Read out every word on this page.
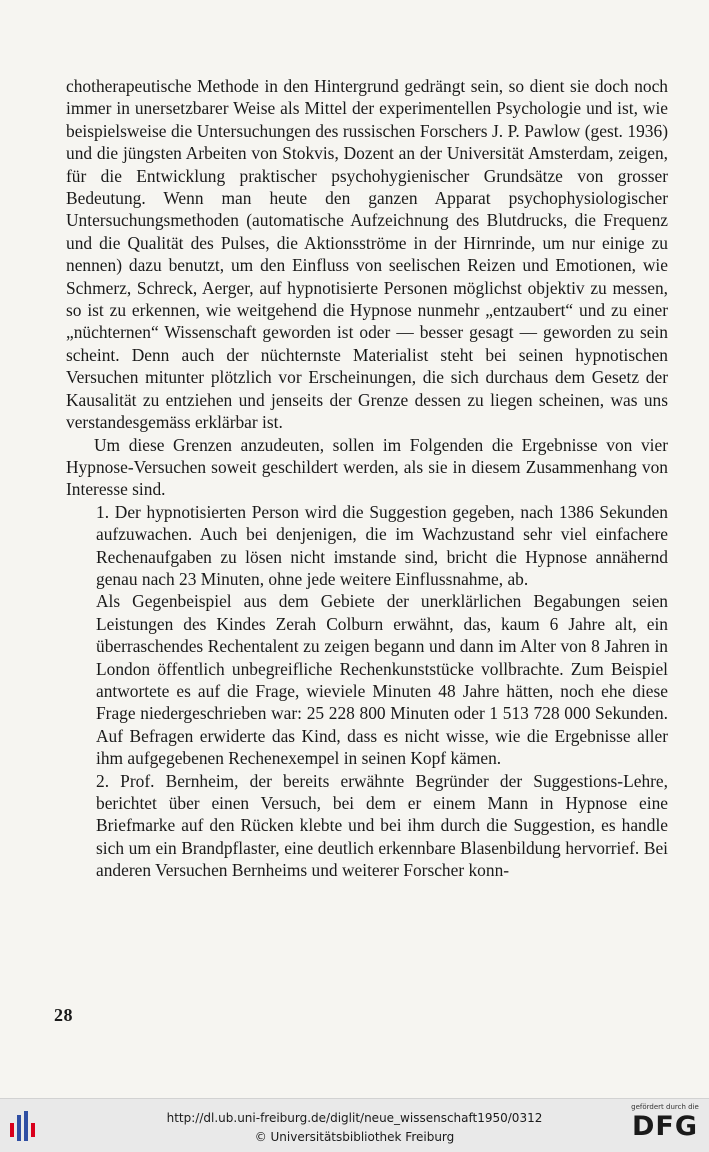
chotherapeutische Methode in den Hintergrund gedrängt sein, so dient sie doch noch immer in unersetzbarer Weise als Mittel der experimentellen Psychologie und ist, wie beispielsweise die Untersuchungen des russischen Forschers J. P. Pawlow (gest. 1936) und die jüngsten Arbeiten von Stokvis, Dozent an der Universität Amsterdam, zeigen, für die Entwicklung praktischer psychohygienischer Grundsätze von grosser Bedeutung. Wenn man heute den ganzen Apparat psychophysiologischer Untersuchungsmethoden (automatische Aufzeichnung des Blutdrucks, die Frequenz und die Qualität des Pulses, die Aktionsströme in der Hirnrinde, um nur einige zu nennen) dazu benutzt, um den Einfluss von seelischen Reizen und Emotionen, wie Schmerz, Schreck, Aerger, auf hypnotisierte Personen möglichst objektiv zu messen, so ist zu erkennen, wie weitgehend die Hypnose nunmehr „entzaubert“ und zu einer „nüchternen“ Wissenschaft geworden ist oder — besser gesagt — geworden zu sein scheint. Denn auch der nüchternste Materialist steht bei seinen hypnotischen Versuchen mitunter plötzlich vor Erscheinungen, die sich durchaus dem Gesetz der Kausalität zu entziehen und jenseits der Grenze dessen zu liegen scheinen, was uns verstandesgemäss erklärbar ist.

Um diese Grenzen anzudeuten, sollen im Folgenden die Ergebnisse von vier Hypnose-Versuchen soweit geschildert werden, als sie in diesem Zusammenhang von Interesse sind.

1. Der hypnotisierten Person wird die Suggestion gegeben, nach 1386 Sekunden aufzuwachen. Auch bei denjenigen, die im Wachzustand sehr viel einfachere Rechenaufgaben zu lösen nicht imstande sind, bricht die Hypnose annähernd genau nach 23 Minuten, ohne jede weitere Einflussnahme, ab.

Als Gegenbeispiel aus dem Gebiete der unerklärlichen Begabungen seien Leistungen des Kindes Zerah Colburn erwähnt, das, kaum 6 Jahre alt, ein überraschendes Rechentalent zu zeigen begann und dann im Alter von 8 Jahren in London öffentlich unbegreifliche Rechenkunststücke vollbrachte. Zum Beispiel antwortete es auf die Frage, wieviele Minuten 48 Jahre hätten, noch ehe diese Frage niedergeschrieben war: 25 228 800 Minuten oder 1 513 728 000 Sekunden. Auf Befragen erwiderte das Kind, dass es nicht wisse, wie die Ergebnisse aller ihm aufgegebenen Rechenexempel in seinen Kopf kämen.

2. Prof. Bernheim, der bereits erwähnte Begründer der Suggestions-Lehre, berichtet über einen Versuch, bei dem er einem Mann in Hypnose eine Briefmarke auf den Rücken klebte und bei ihm durch die Suggestion, es handle sich um ein Brandpflaster, eine deutlich erkennbare Blasenbildung hervorrief. Bei anderen Versuchen Bernheims und weiterer Forscher konn-

28
http://dl.ub.uni-freiburg.de/diglit/neue_wissenschaft1950/0312
© Universitätsbibliothek Freiburg
gefördert durch die
DFG
